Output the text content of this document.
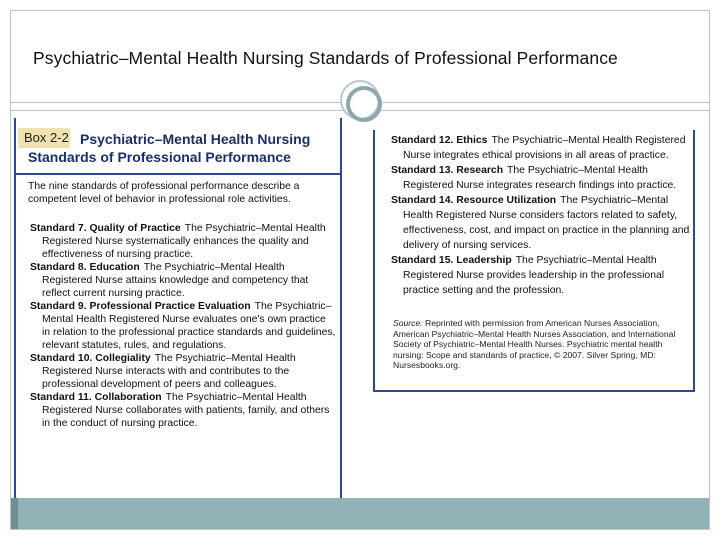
Psychiatric–Mental Health Nursing Standards of Professional Performance
Box 2-2 Psychiatric–Mental Health Nursing
Standards of Professional Performance
The nine standards of professional performance describe a competent level of behavior in professional role activities.
Standard 7. Quality of Practice The Psychiatric–Mental Health Registered Nurse systematically enhances the quality and effectiveness of nursing practice.
Standard 8. Education The Psychiatric–Mental Health Registered Nurse attains knowledge and competency that reflect current nursing practice.
Standard 9. Professional Practice Evaluation The Psychiatric–Mental Health Registered Nurse evaluates one's own practice in relation to the professional practice standards and guidelines, relevant statutes, rules, and regulations.
Standard 10. Collegiality The Psychiatric–Mental Health Registered Nurse interacts with and contributes to the professional development of peers and colleagues.
Standard 11. Collaboration The Psychiatric–Mental Health Registered Nurse collaborates with patients, family, and others in the conduct of nursing practice.
Standard 12. Ethics The Psychiatric–Mental Health Registered Nurse integrates ethical provisions in all areas of practice.
Standard 13. Research The Psychiatric–Mental Health Registered Nurse integrates research findings into practice.
Standard 14. Resource Utilization The Psychiatric–Mental Health Registered Nurse considers factors related to safety, effectiveness, cost, and impact on practice in the planning and delivery of nursing services.
Standard 15. Leadership The Psychiatric–Mental Health Registered Nurse provides leadership in the professional practice setting and the profession.
Source: Reprinted with permission from American Nurses Association, American Psychiatric–Mental Health Nurses Association, and International Society of Psychiatric–Mental Health Nurses. Psychiatric mental health nursing: Scope and standards of practice, © 2007. Silver Spring, MD: Nursesbooks.org.
